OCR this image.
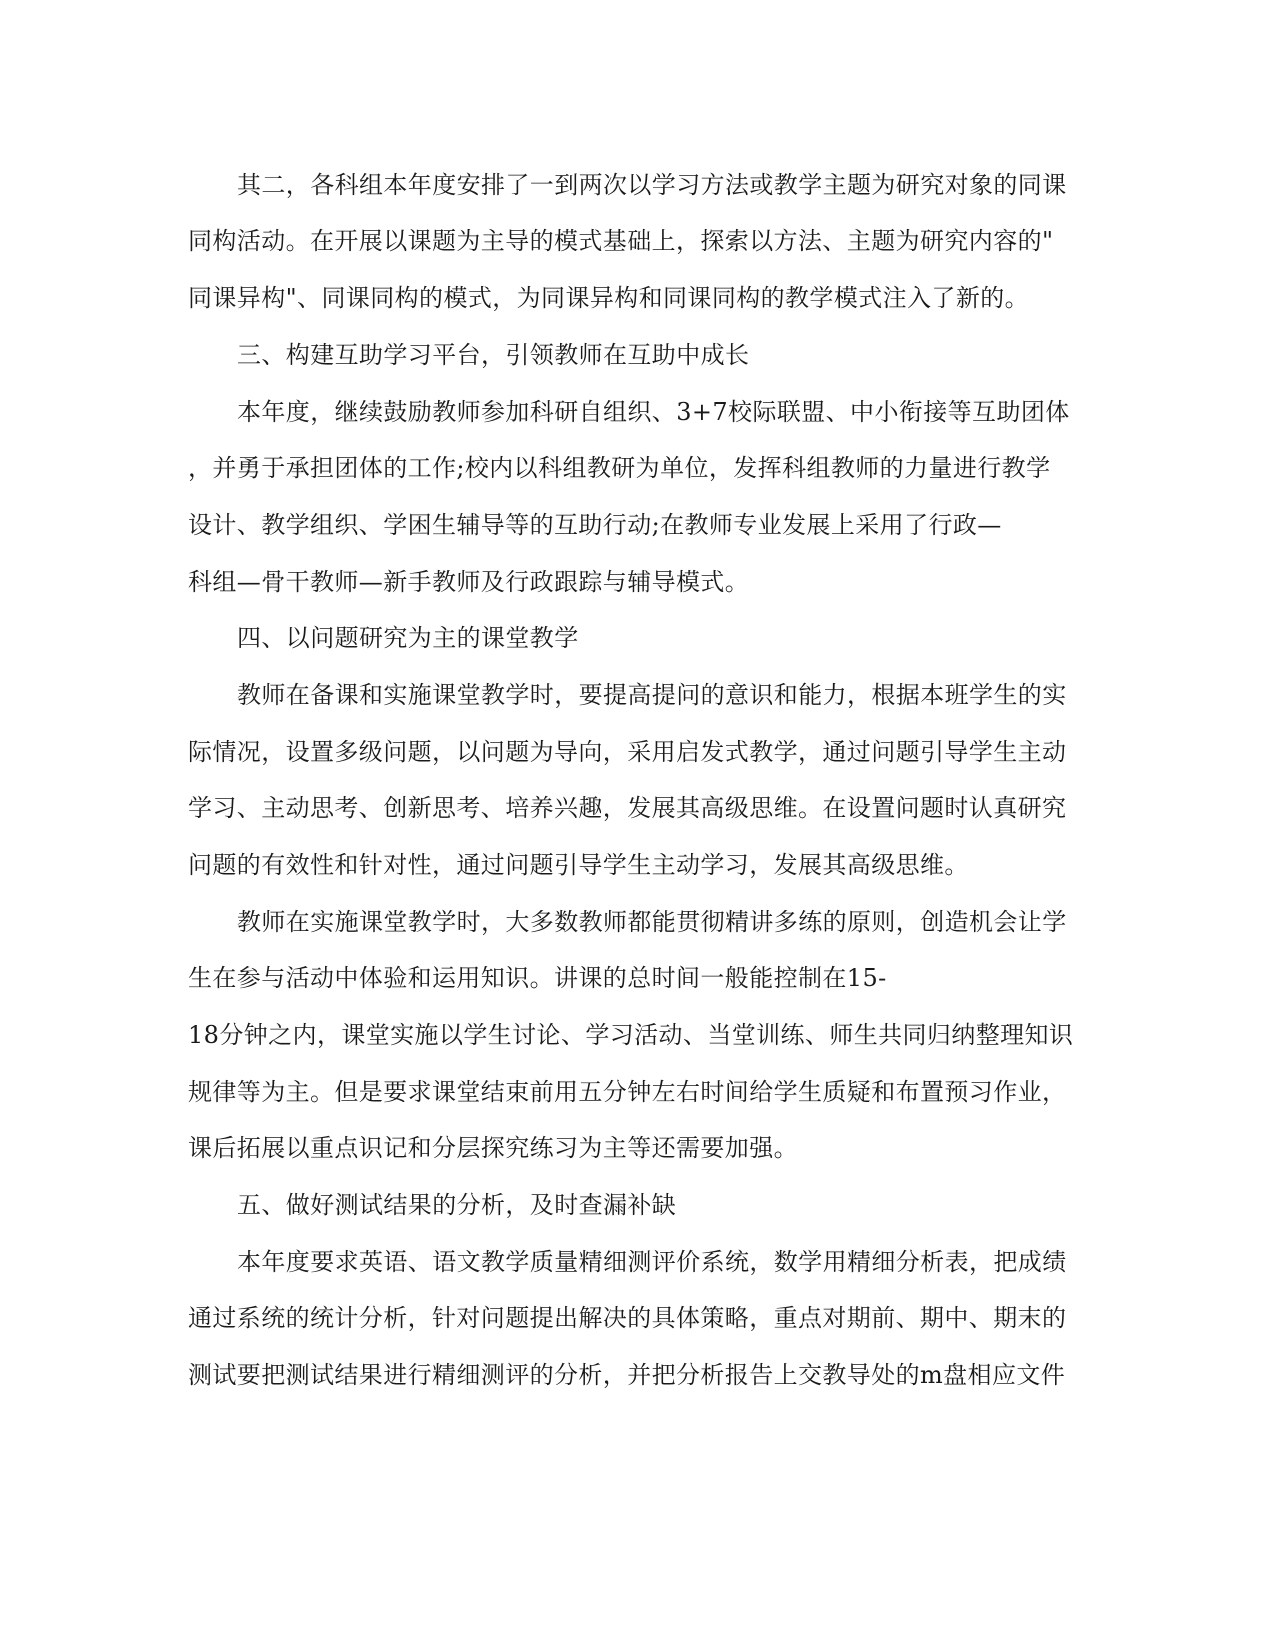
其二，各科组本年度安排了一到两次以学习方法或教学主题为研究对象的同课
同构活动。在开展以课题为主导的模式基础上，探索以方法、主题为研究内容的"
同课异构"、同课同构的模式，为同课异构和同课同构的教学模式注入了新的。
三、构建互助学习平台，引领教师在互助中成长
本年度，继续鼓励教师参加科研自组织、3+7校际联盟、中小衔接等互助团体
，并勇于承担团体的工作;校内以科组教研为单位，发挥科组教师的力量进行教学
设计、教学组织、学困生辅导等的互助行动;在教师专业发展上采用了行政—
科组—骨干教师—新手教师及行政跟踪与辅导模式。
四、以问题研究为主的课堂教学
教师在备课和实施课堂教学时，要提高提问的意识和能力，根据本班学生的实
际情况，设置多级问题，以问题为导向，采用启发式教学，通过问题引导学生主动
学习、主动思考、创新思考、培养兴趣，发展其高级思维。在设置问题时认真研究
问题的有效性和针对性，通过问题引导学生主动学习，发展其高级思维。
教师在实施课堂教学时，大多数教师都能贯彻精讲多练的原则，创造机会让学
生在参与活动中体验和运用知识。讲课的总时间一般能控制在15-
18分钟之内，课堂实施以学生讨论、学习活动、当堂训练、师生共同归纳整理知识
规律等为主。但是要求课堂结束前用五分钟左右时间给学生质疑和布置预习作业，
课后拓展以重点识记和分层探究练习为主等还需要加强。
五、做好测试结果的分析，及时查漏补缺
本年度要求英语、语文教学质量精细测评价系统，数学用精细分析表，把成绩
通过系统的统计分析，针对问题提出解决的具体策略，重点对期前、期中、期末的
测试要把测试结果进行精细测评的分析，并把分析报告上交教导处的m盘相应文件
